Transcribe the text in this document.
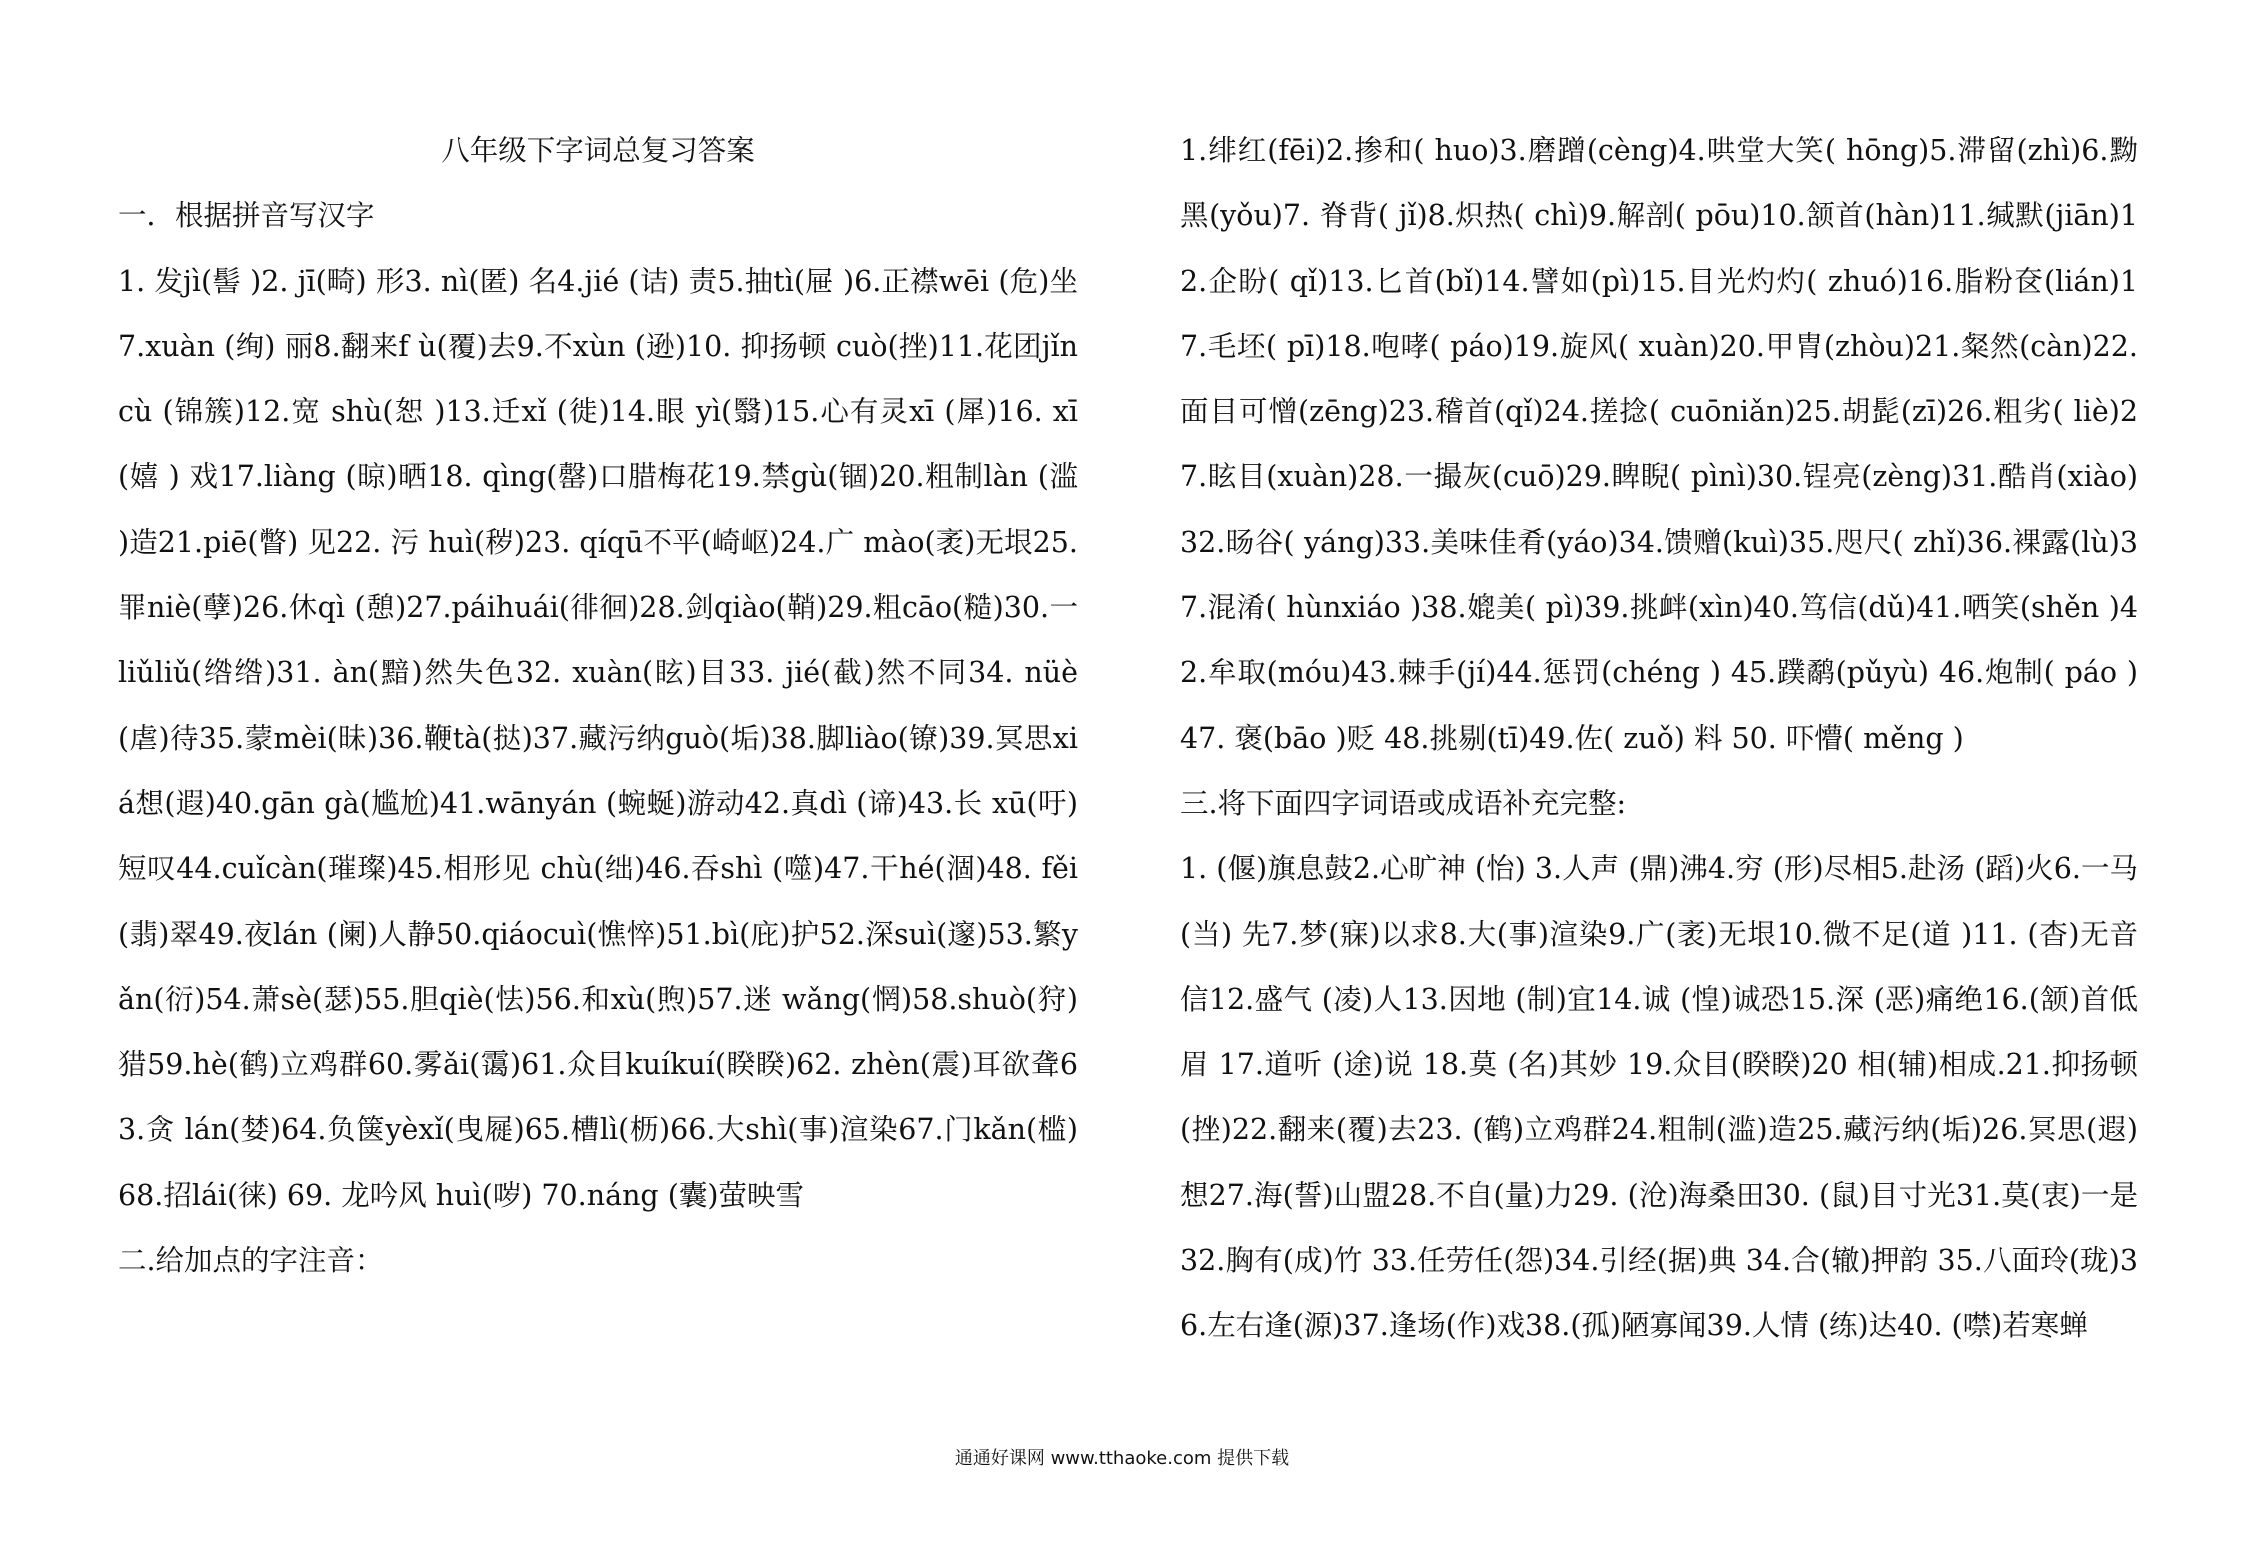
八年级下字词总复习答案

一．根据拼音写汉字

1. 发jì(髻 )2. jī(畸) 形3. nì(匿) 名4.jié (诘) 责5.抽tì(屉 )6.正襟wēi (危)坐7.xuàn (绚) 丽8.翻来f ù(覆)去9.不xùn (逊)10. 抑扬顿 cuò(挫)11.花团jǐncù (锦簇)12.宽 shù(恕 )13.迁xǐ (徙)14.眼 yì(翳)15.心有灵xī (犀)16. xī(嬉 ) 戏17.liàng (晾)晒18. qìng(罄)口腊梅花19.禁gù(锢)20.粗制làn (滥 )造21.piē(瞥) 见22. 污 huì(秽)23. qíqū不平(崎岖)24.广 mào(袤)无垠25.罪niè(孽)26.休qì (憩)27.páihuái(徘徊)28.剑qiào(鞘)29.粗cāo(糙)30.一 liǔliǔ(绺绺)31. àn(黯)然失色32. xuàn(眩)目33. jié(截)然不同34. nüè(虐)待35.蒙mèi(昧)36.鞭tà(挞)37.藏污纳guò(垢)38.脚liào(镣)39.冥思xiá想(遐)40.gān gà(尴尬)41.wānyán (蜿蜒)游动42.真dì (谛)43.长 xū(吁)短叹44.cuǐcàn(璀璨)45.相形见 chù(绌)46.吞shì (噬)47.干hé(涸)48. fěi(翡)翠49.夜lán (阑)人静50.qiáocuì(憔悴)51.bì(庇)护52.深suì(邃)53.繁yǎn(衍)54.萧sè(瑟)55.胆qiè(怯)56.和xù(煦)57.迷 wǎng(惘)58.shuò(狩)猎59.hè(鹤)立鸡群60.雾ǎi(霭)61.众目kuíkuí(睽睽)62. zhèn(震)耳欲聋63.贪 lán(婪)64.负箧yèxǐ(曳屣)65.槽lì(枥)66.大shì(事)渲染67.门kǎn(槛) 68.招lái(徕) 69. 龙吟风 huì(哕) 70.náng (囊)萤映雪

二.给加点的字注音：

1.绯红(fēi)2.掺和( huo)3.磨蹭(cèng)4.哄堂大笑( hōng)5.滞留(zhì)6.黝黑(yǒu)7. 脊背( jǐ)8.炽热( chì)9.解剖( pōu)10.颔首(hàn)11.缄默(jiān)12.企盼( qǐ)13.匕首(bǐ)14.譬如(pì)15.目光灼灼( zhuó)16.脂粉奁(lián)17.毛坯( pī)18.咆哮( páo)19.旋风( xuàn)20.甲胄(zhòu)21.粲然(càn)22.面目可憎(zēng)23.稽首(qǐ)24.搓捻( cuōniǎn)25.胡髭(zī)26.粗劣( liè)27.眩目(xuàn)28.一撮灰(cuō)29.睥睨( pìnì)30.锃亮(zèng)31.酷肖(xiào)32.旸谷( yáng)33.美味佳肴(yáo)34.馈赠(kuì)35.咫尺( zhǐ)36.裸露(lù)37.混淆( hùnxiáo )38.媲美( pì)39.挑衅(xìn)40.笃信(dǔ)41.哂笑(shěn )42.牟取(móu)43.棘手(jí)44.惩罚(chéng ) 45.蹼鹬(pǔyù) 46.炮制( páo )47. 褒(bāo )贬 48.挑剔(tī)49.佐( zuǒ) 料 50. 吓懵( měng )

三.将下面四字词语或成语补充完整:

1. (偃)旗息鼓2.心旷神 (怡) 3.人声 (鼎)沸4.穷 (形)尽相5.赴汤 (蹈)火6.一马(当) 先7.梦(寐)以求8.大(事)渲染9.广(袤)无垠10.微不足(道 )11. (杳)无音信12.盛气 (凌)人13.因地 (制)宜14.诚 (惶)诚恐15.深 (恶)痛绝16.(颔)首低眉 17.道听 (途)说 18.莫 (名)其妙 19.众目(睽睽)20 相(辅)相成.21.抑扬顿(挫)22.翻来(覆)去23. (鹤)立鸡群24.粗制(滥)造25.藏污纳(垢)26.冥思(遐)想27.海(誓)山盟28.不自(量)力29. (沧)海桑田30. (鼠)目寸光31.莫(衷)一是32.胸有(成)竹 33.任劳任(怨)34.引经(据)典 34.合(辙)押韵 35.八面玲(珑)36.左右逢(源)37.逢场(作)戏38.(孤)陋寡闻39.人情 (练)达40. (噤)若寒蝉

通通好课网 www.tthaoke.com 提供下载
